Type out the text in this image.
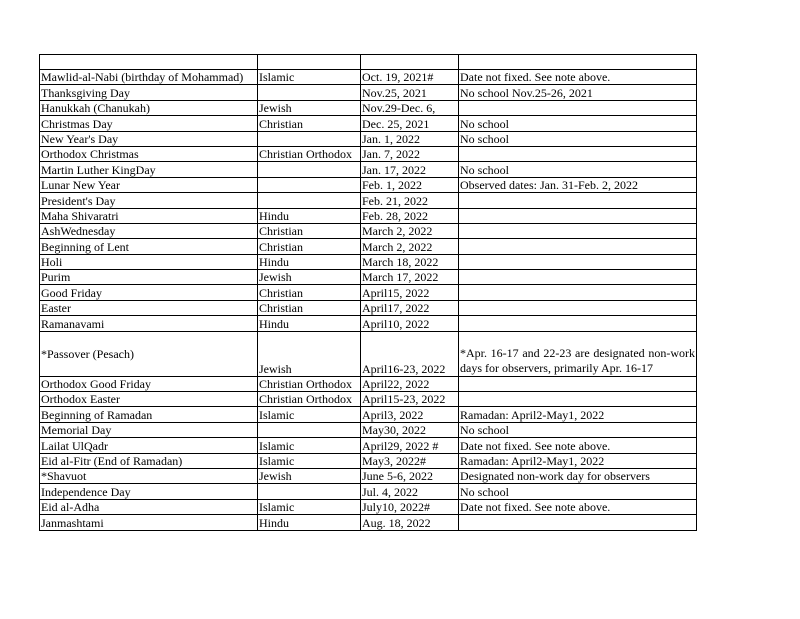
Mawlid-al-Nabi (birthday of Mohammad)	Islamic	Oct. 19, 2021#	Date not fixed. See note above.
Thanksgiving Day		Nov.25, 2021	No school Nov.25-26, 2021
Hanukkah (Chanukah)	Jewish	Nov.29-Dec. 6,	
Christmas Day	Christian	Dec. 25, 2021	No school
New Year's Day		Jan. 1, 2022	No school
Orthodox Christmas	Christian Orthodox	Jan. 7, 2022	
Martin Luther KingDay		Jan. 17, 2022	No school
Lunar New Year		Feb. 1, 2022	Observed dates: Jan. 31-Feb. 2, 2022
President's Day		Feb. 21, 2022	
Maha Shivaratri	Hindu	Feb. 28, 2022	
AshWednesday	Christian	March 2, 2022	
Beginning of Lent	Christian	March 2, 2022	
Holi	Hindu	March 18, 2022	
Purim	Jewish	March 17, 2022	
Good Friday	Christian	April15, 2022	
Easter	Christian	April17, 2022	
Ramanavami	Hindu	April10, 2022	
*Passover (Pesach)	Jewish	April16-23, 2022	*Apr. 16-17 and 22-23 are designated non-work days for observers, primarily Apr. 16-17
Orthodox Good Friday	Christian Orthodox	April22, 2022	
Orthodox Easter	Christian Orthodox	April15-23, 2022	
Beginning of Ramadan	Islamic	April3, 2022	Ramadan: April2-May1, 2022
Memorial Day		May30, 2022	No school
Lailat UlQadr	Islamic	April29, 2022 #	Date not fixed. See note above.
Eid al-Fitr (End of Ramadan)	Islamic	May3, 2022#	Ramadan: April2-May1, 2022
*Shavuot	Jewish	June 5-6, 2022	Designated non-work day for observers
Independence Day		Jul. 4, 2022	No school
Eid al-Adha	Islamic	July10, 2022#	Date not fixed. See note above.
Janmashtami	Hindu	Aug. 18, 2022	
